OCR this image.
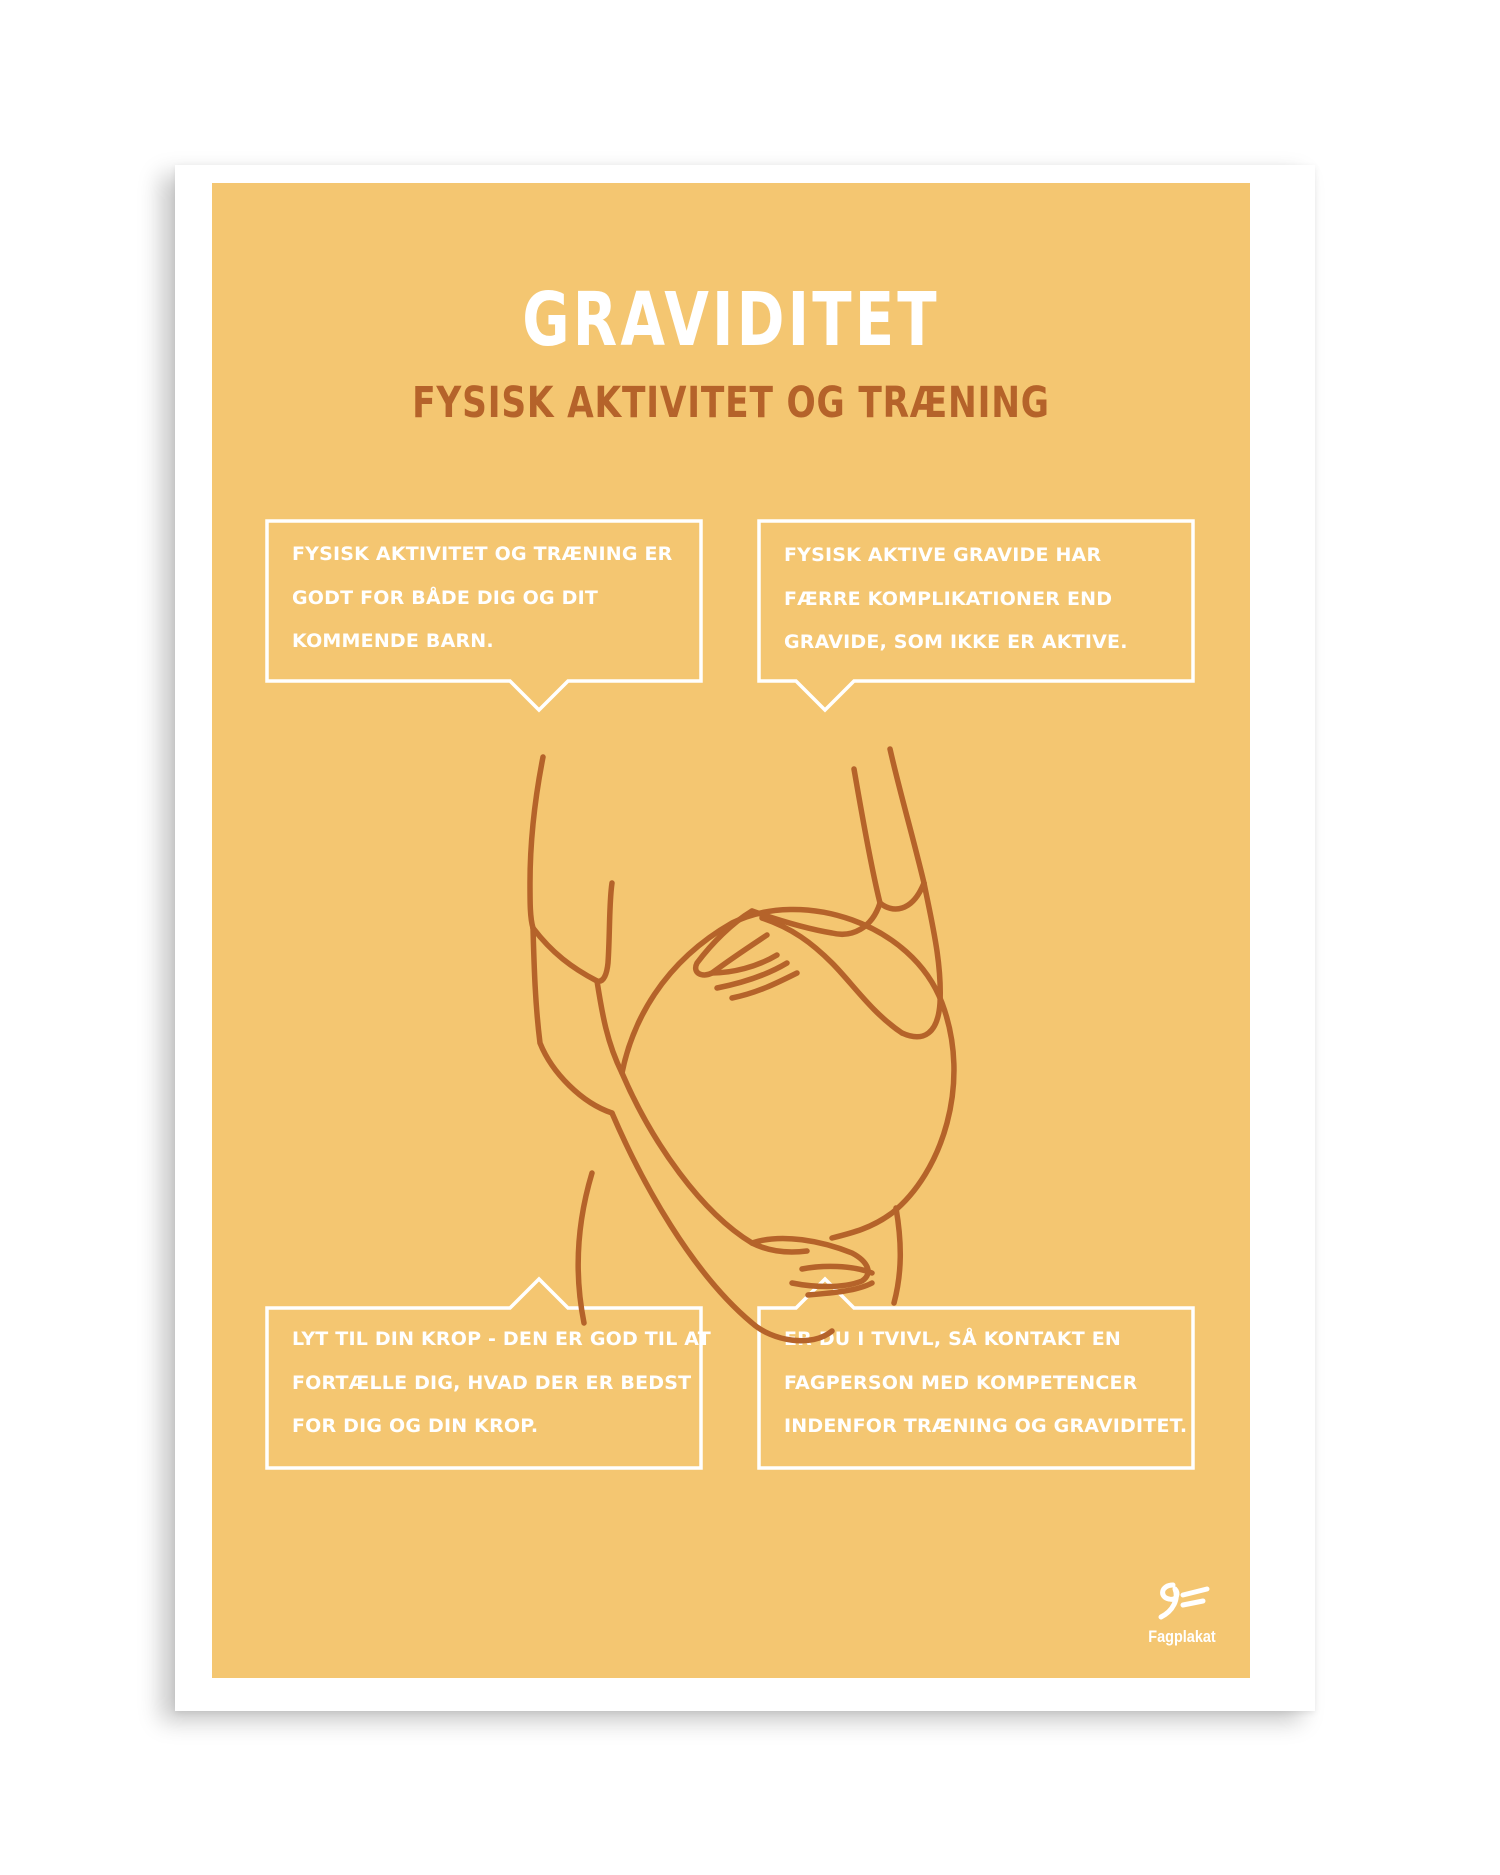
GRAVIDITET
FYSISK AKTIVITET OG TRÆNING
FYSISK AKTIVITET OG TRÆNING ER GODT FOR BÅDE DIG OG DIT KOMMENDE BARN.
FYSISK AKTIVE GRAVIDE HAR FÆRRE KOMPLIKATIONER END GRAVIDE, SOM IKKE ER AKTIVE.
LYT TIL DIN KROP - DEN ER GOD TIL AT FORTÆLLE DIG, HVAD DER ER BEDST FOR DIG OG DIN KROP.
ER DU I TVIVL, SÅ KONTAKT EN FAGPERSON MED KOMPETENCER INDENFOR TRÆNING OG GRAVIDITET.
Fagplakat
